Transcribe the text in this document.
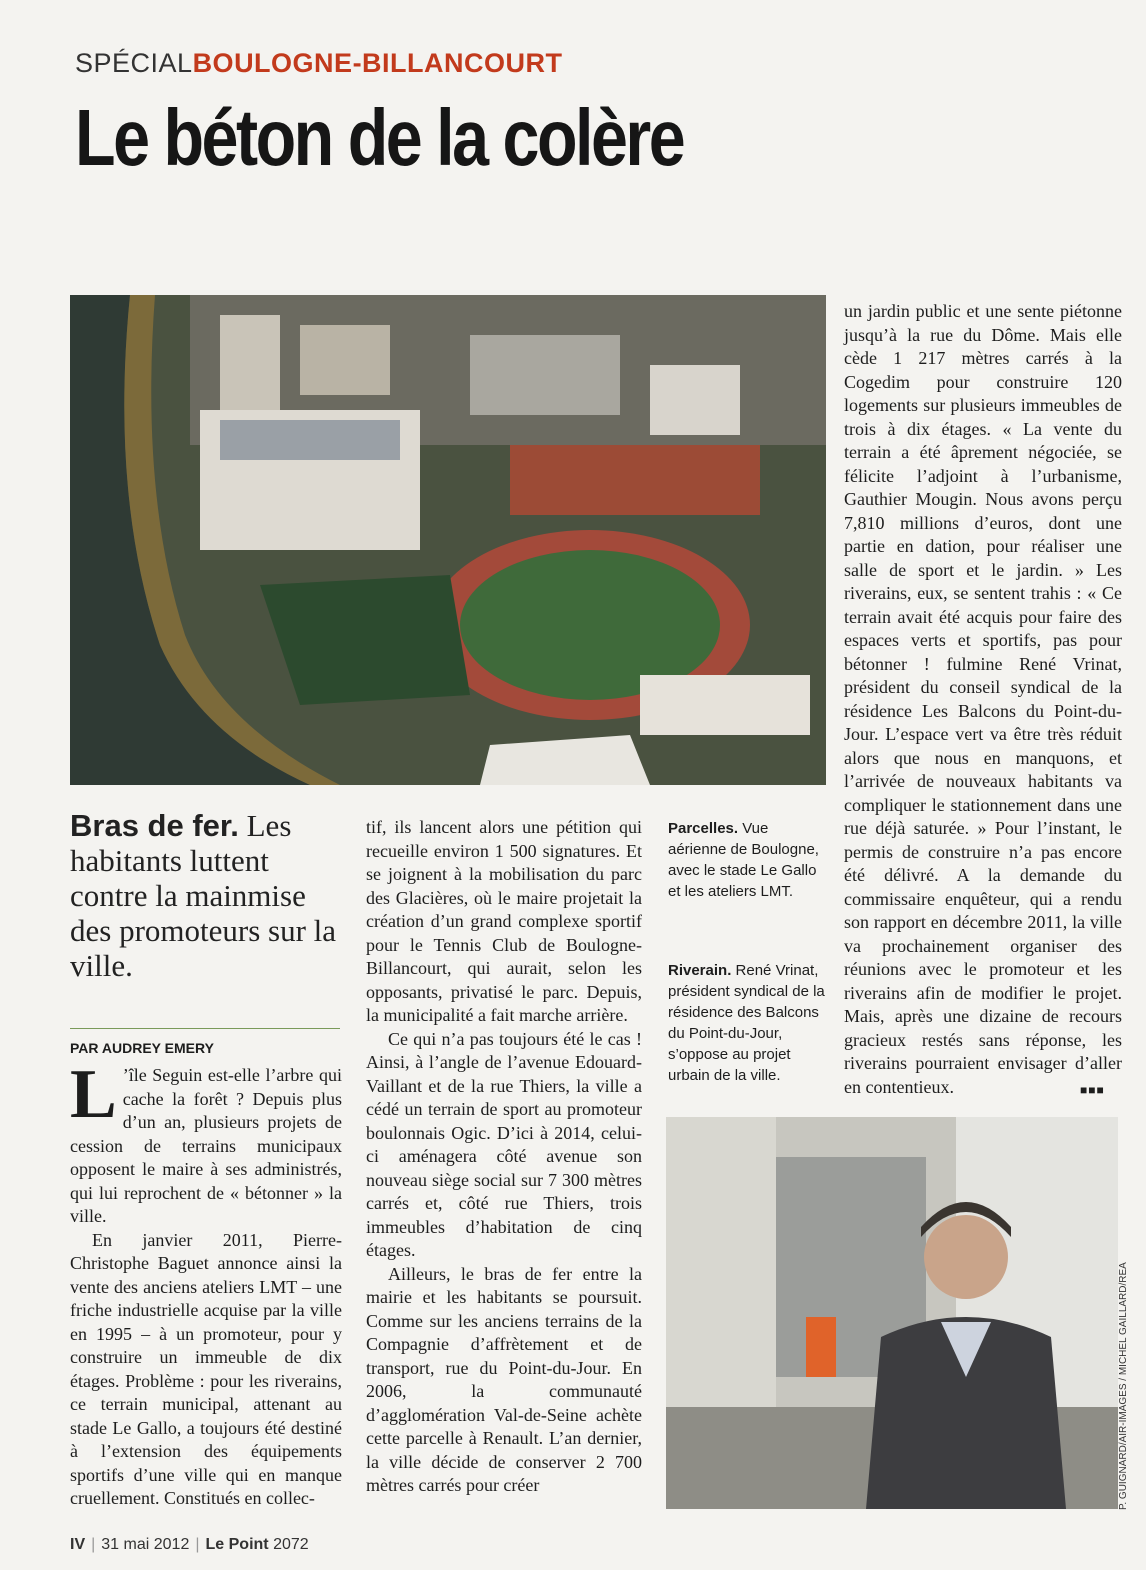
SPÉCIALBOULOGNE-BILLANCOURT
Le béton de la colère
Bras de fer. Les habitants luttent contre la mainmise des promoteurs sur la ville.
PAR AUDREY EMERY

L ’île Seguin est-elle l’arbre qui cache la forêt ? Depuis plus d’un an, plusieurs projets de cession de terrains municipaux opposent le maire à ses administrés, qui lui reprochent de « bétonner » la ville.

En janvier 2011, Pierre-Christophe Baguet annonce ainsi la vente des anciens ateliers LMT – une friche industrielle acquise par la ville en 1995 – à un promoteur, pour y construire un immeuble de dix étages. Problème : pour les riverains, ce terrain municipal, attenant au stade Le Gallo, a toujours été destiné à l’extension des équipements sportifs d’une ville qui en manque cruellement. Constitués en collec-

tif, ils lancent alors une pétition qui recueille environ 1 500 signatures. Et se joignent à la mobilisation du parc des Glacières, où le maire projetait la création d’un grand complexe sportif pour le Tennis Club de Boulogne-Billancourt, qui aurait, selon les opposants, privatisé le parc. Depuis, la municipalité a fait marche arrière.

Ce qui n’a pas toujours été le cas ! Ainsi, à l’angle de l’avenue Edouard-Vaillant et de la rue Thiers, la ville a cédé un terrain de sport au promoteur boulonnais Ogic. D’ici à 2014, celui-ci aménagera côté avenue son nouveau siège social sur 7 300 mètres carrés et, côté rue Thiers, trois immeubles d’habitation de cinq étages.

Ailleurs, le bras de fer entre la mairie et les habitants se poursuit. Comme sur les anciens terrains de la Compagnie d’affrètement et de transport, rue du Point-du-Jour. En 2006, la communauté d’agglomération Val-de-Seine achète cette parcelle à Renault. L’an dernier, la ville décide de conserver 2 700 mètres carrés pour créer

Parcelles. Vue aérienne de Boulogne, avec le stade Le Gallo et les ateliers LMT.
Riverain. René Vrinat, président syndical de la résidence des Balcons du Point-du-Jour, s’oppose au projet urbain de la ville.

un jardin public et une sente piétonne jusqu’à la rue du Dôme. Mais elle cède 1 217 mètres carrés à la Cogedim pour construire 120 logements sur plusieurs immeubles de trois à dix étages. « La vente du terrain a été âprement négociée, se félicite l’adjoint à l’urbanisme, Gauthier Mougin. Nous avons perçu 7,810 millions d’euros, dont une partie en dation, pour réaliser une salle de sport et le jardin. » Les riverains, eux, se sentent trahis : « Ce terrain avait été acquis pour faire des espaces verts et sportifs, pas pour bétonner ! fulmine René Vrinat, président du conseil syndical de la résidence Les Balcons du Point-du-Jour. L’espace vert va être très réduit alors que nous en manquons, et l’arrivée de nouveaux habitants va compliquer le stationnement dans une rue déjà saturée. » Pour l’instant, le permis de construire n’a pas encore été délivré. A la demande du commissaire enquêteur, qui a rendu son rapport en décembre 2011, la ville va prochainement organiser des réunions avec le promoteur et les riverains afin de modifier le projet. Mais, après une dizaine de recours gracieux restés sans réponse, les riverains pourraient envisager d’aller en contentieux.	■■■
P. GUIGNARD/AIR-IMAGES / MICHEL GAILLARD/REA
IV | 31 mai 2012 | Le Point 2072
